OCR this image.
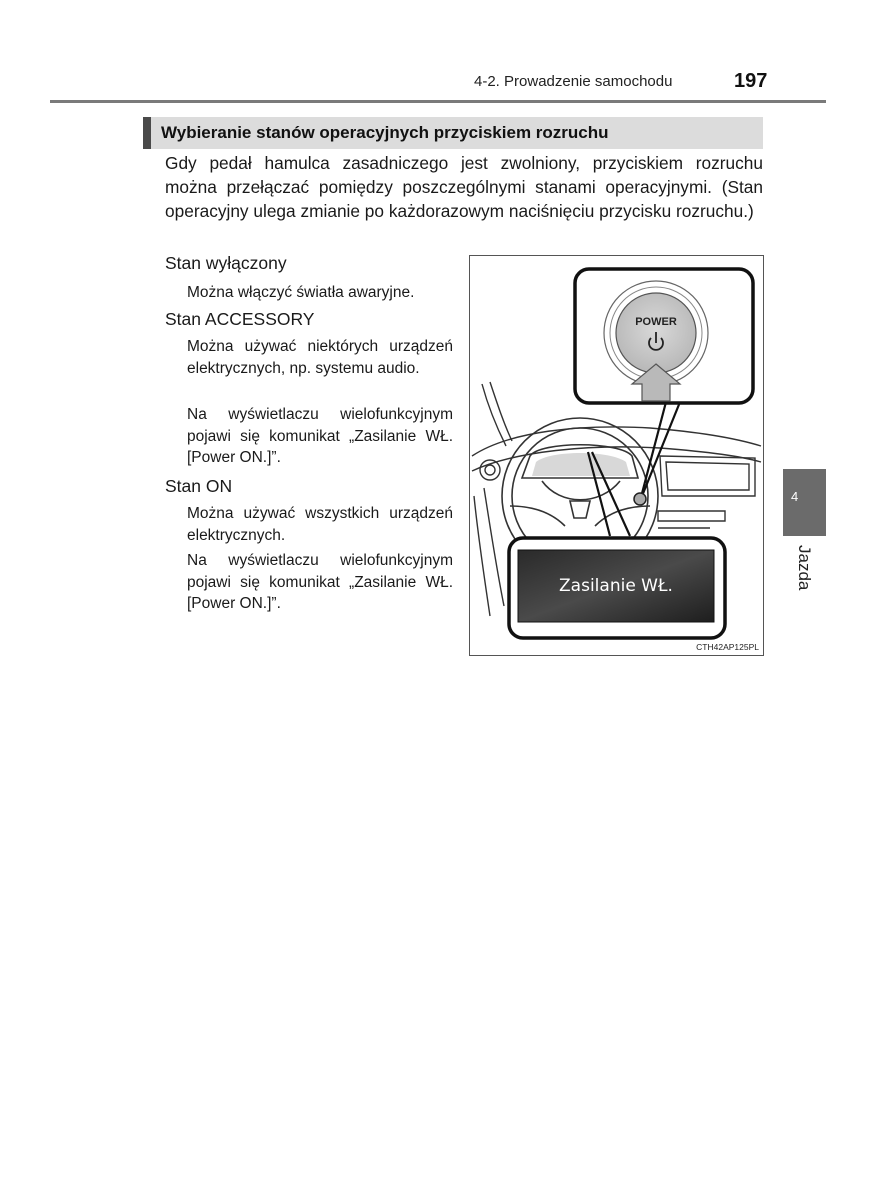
4-2. Prowadzenie samochodu	197
Wybieranie stanów operacyjnych przyciskiem rozruchu
Gdy pedał hamulca zasadniczego jest zwolniony, przyciskiem rozruchu można przełączać pomiędzy poszczególnymi stanami operacyjnymi. (Stan operacyjny ulega zmianie po każdorazowym naciśnięciu przycisku rozruchu.)
Stan wyłączony
Można włączyć światła awaryjne.
Stan ACCESSORY
Można używać niektórych urządzeń elektrycznych, np. systemu audio.
Na wyświetlaczu wielofunkcyjnym pojawi się komunikat „Zasilanie WŁ. [Power ON.]”.
Stan ON
Można używać wszystkich urządzeń elektrycznych.
Na wyświetlaczu wielofunkcyjnym pojawi się komunikat „Zasilanie WŁ. [Power ON.]”.
POWER
Zasilanie WŁ.
CTH42AP125PL
4
Jazda
